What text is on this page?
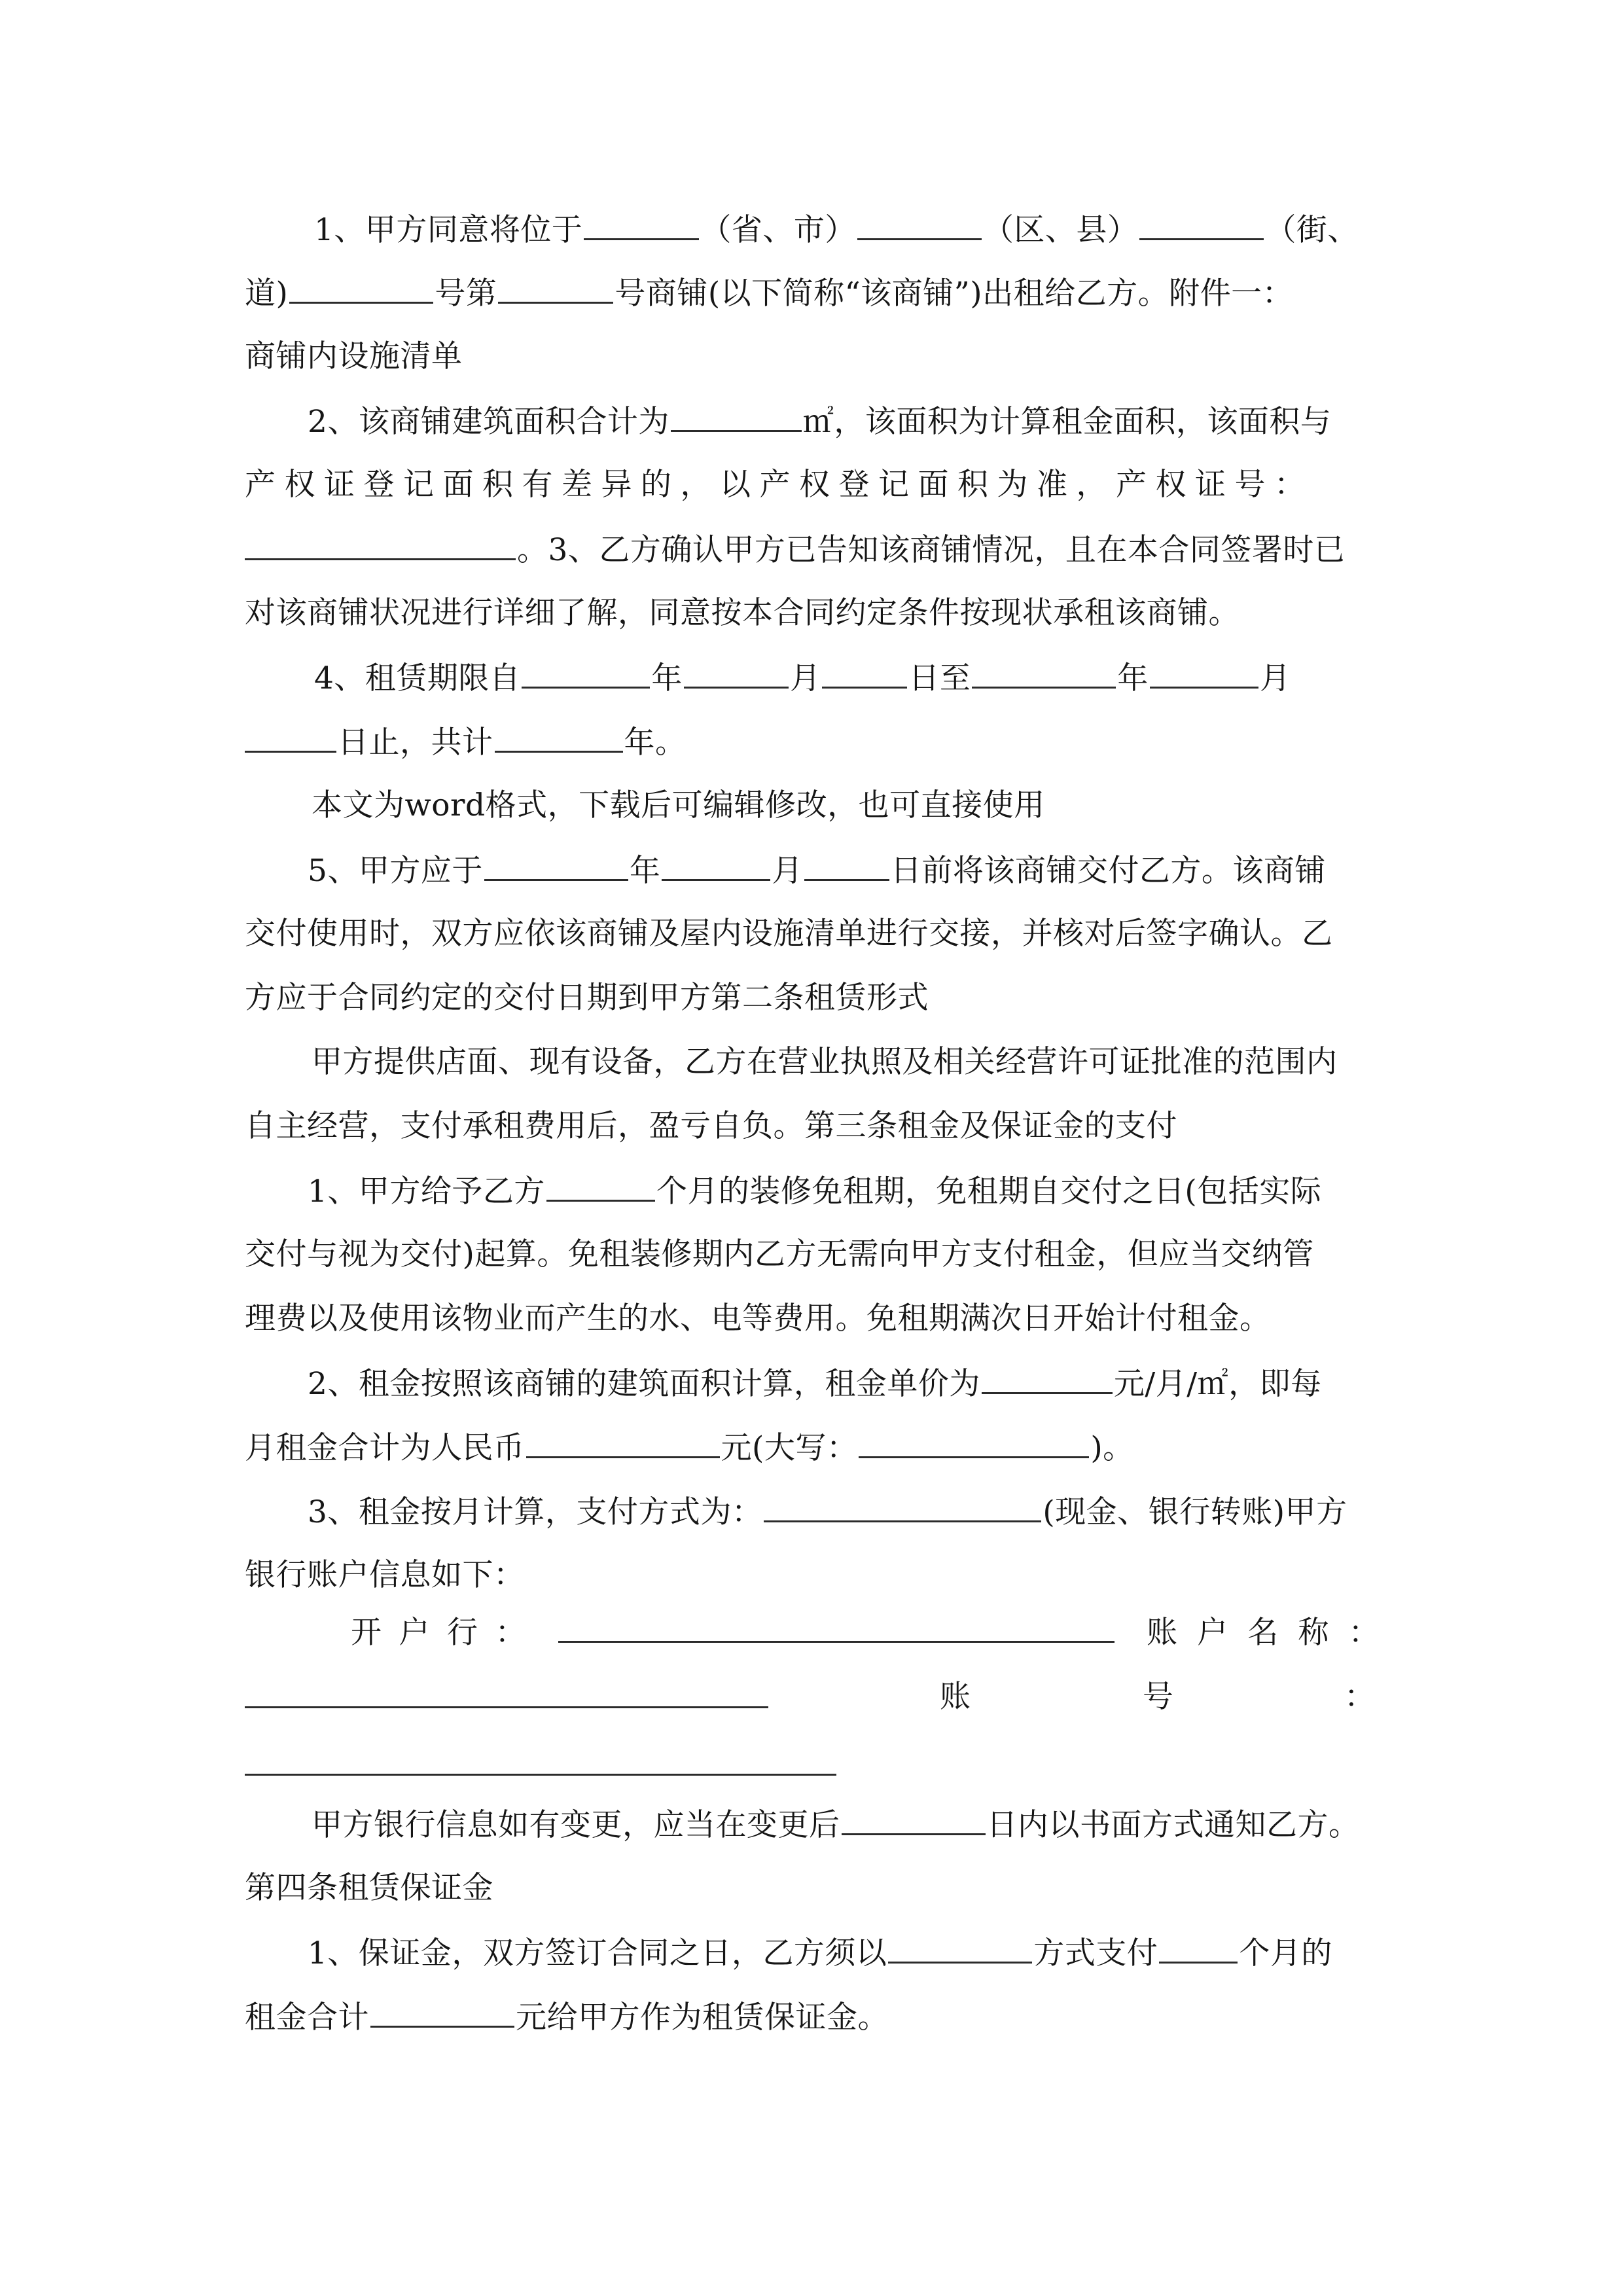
1、甲方同意将位于	（省、市）	（区、县）	（街、
道)	号第	号商铺(以下简称“该商铺”)出租给乙方。附件一：
商铺内设施清单
2、该商铺建筑面积合计为	㎡，该面积为计算租金面积，该面积与
产权证登记面积有差异的，以产权登记面积为准，产权证号：
。3、乙方确认甲方已告知该商铺情况，且在本合同签署时已
对该商铺状况进行详细了解，同意按本合同约定条件按现状承租该商铺。
4、租赁期限自	年	月	日至	年	月
日止，共计	年。
本文为word格式，下载后可编辑修改，也可直接使用
5、甲方应于	年	月	日前将该商铺交付乙方。该商铺
交付使用时，双方应依该商铺及屋内设施清单进行交接，并核对后签字确认。乙
方应于合同约定的交付日期到甲方第二条租赁形式
甲方提供店面、现有设备，乙方在营业执照及相关经营许可证批准的范围内
自主经营，支付承租费用后，盈亏自负。第三条租金及保证金的支付
1、甲方给予乙方	个月的装修免租期，免租期自交付之日(包括实际
交付与视为交付)起算。免租装修期内乙方无需向甲方支付租金，但应当交纳管
理费以及使用该物业而产生的水、电等费用。免租期满次日开始计付租金。
2、租金按照该商铺的建筑面积计算，租金单价为	元/月/㎡，即每
月租金合计为人民币	元(大写：	)。
3、租金按月计算，支付方式为：	(现金、银行转账)甲方
银行账户信息如下：
开 户 行 ：	账 户 名 称 ：
账	号	：
甲方银行信息如有变更，应当在变更后	日内以书面方式通知乙方。
第四条租赁保证金
1、保证金，双方签订合同之日，乙方须以	方式支付	个月的
租金合计	元给甲方作为租赁保证金。
